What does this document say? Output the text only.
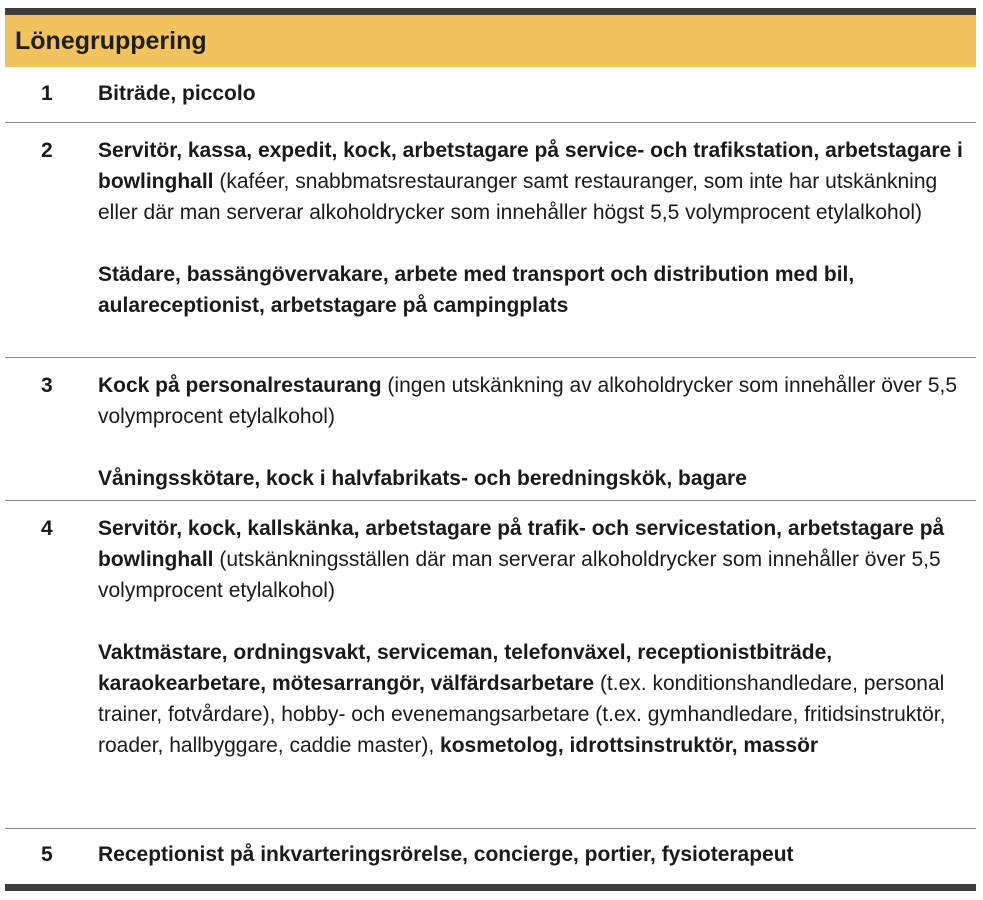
Lönegruppering
1	Biträde, piccolo
2	Servitör, kassa, expedit, kock, arbetstagare på service- och trafikstation, arbetstagare i bowlinghall (kaféer, snabbmatsrestauranger samt restauranger, som inte har utskänkning eller där man serverar alkoholdrycker som innehåller högst 5,5 volymprocent etylalkohol)
Städare, bassängövervakare, arbete med transport och distribution med bil, aulareceptionist, arbetstagare på campingplats
3	Kock på personalrestaurang (ingen utskänkning av alkoholdrycker som innehåller över 5,5 volymprocent etylalkohol)
Våningsskötare, kock i halvfabrikats- och beredningskök, bagare
4	Servitör, kock, kallskänka, arbetstagare på trafik- och servicestation, arbetstagare på bowlinghall (utskänkningsställen där man serverar alkoholdrycker som innehåller över 5,5 volymprocent etylalkohol)
Vaktmästare, ordningsvakt, serviceman, telefonväxel, receptionistbiträde, karaokearbetare, mötesarrangör, välfärdsarbetare (t.ex. konditionshandledare, personal trainer, fotvårdare), hobby- och evenemangsarbetare (t.ex. gymhandledare, fritidsinstruktör, roader, hallbyggare, caddie master), kosmetolog, idrottsinstruktör, massör
5	Receptionist på inkvarteringsrörelse, concierge, portier, fysioterapeut
